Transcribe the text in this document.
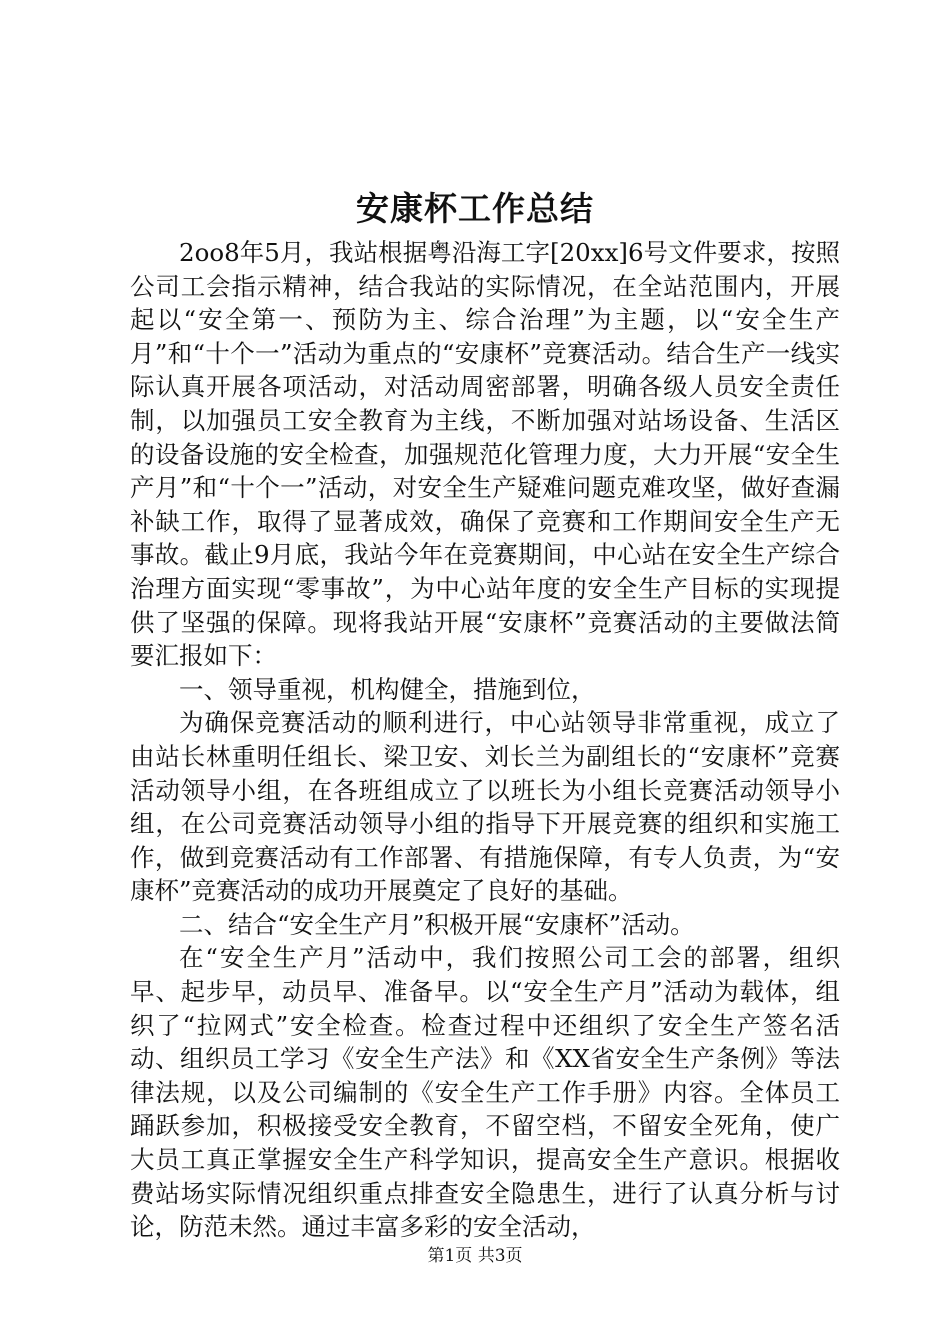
安康杯工作总结

2oo8年5月，我站根据粤沿海工字[20xx]6号文件要求，按照公司工会指示精神，结合我站的实际情况，在全站范围内，开展起以“安全第一、预防为主、综合治理”为主题，以“安全生产月”和“十个一”活动为重点的“安康杯”竞赛活动。结合生产一线实际认真开展各项活动，对活动周密部署，明确各级人员安全责任制，以加强员工安全教育为主线，不断加强对站场设备、生活区的设备设施的安全检查，加强规范化管理力度，大力开展“安全生产月”和“十个一”活动，对安全生产疑难问题克难攻坚，做好查漏补缺工作，取得了显著成效，确保了竞赛和工作期间安全生产无事故。截止9月底，我站今年在竞赛期间，中心站在安全生产综合治理方面实现“零事故”，为中心站年度的安全生产目标的实现提供了坚强的保障。现将我站开展“安康杯”竞赛活动的主要做法简要汇报如下：

一、领导重视，机构健全，措施到位，

为确保竞赛活动的顺利进行，中心站领导非常重视，成立了由站长林重明任组长、梁卫安、刘长兰为副组长的“安康杯”竞赛活动领导小组，在各班组成立了以班长为小组长竞赛活动领导小组，在公司竞赛活动领导小组的指导下开展竞赛的组织和实施工作，做到竞赛活动有工作部署、有措施保障，有专人负责，为“安康杯”竞赛活动的成功开展奠定了良好的基础。

二、结合“安全生产月”积极开展“安康杯”活动。

在“安全生产月”活动中，我们按照公司工会的部署，组织早、起步早，动员早、准备早。以“安全生产月”活动为载体，组织了“拉网式”安全检查。检查过程中还组织了安全生产签名活动、组织员工学习《安全生产法》和《XX省安全生产条例》等法律法规，以及公司编制的《安全生产工作手册》内容。全体员工踊跃参加，积极接受安全教育，不留空档，不留安全死角，使广大员工真正掌握安全生产科学知识，提高安全生产意识。根据收费站场实际情况组织重点排查安全隐患生，进行了认真分析与讨论，防范未然。通过丰富多彩的安全活动，

第1页 共3页
